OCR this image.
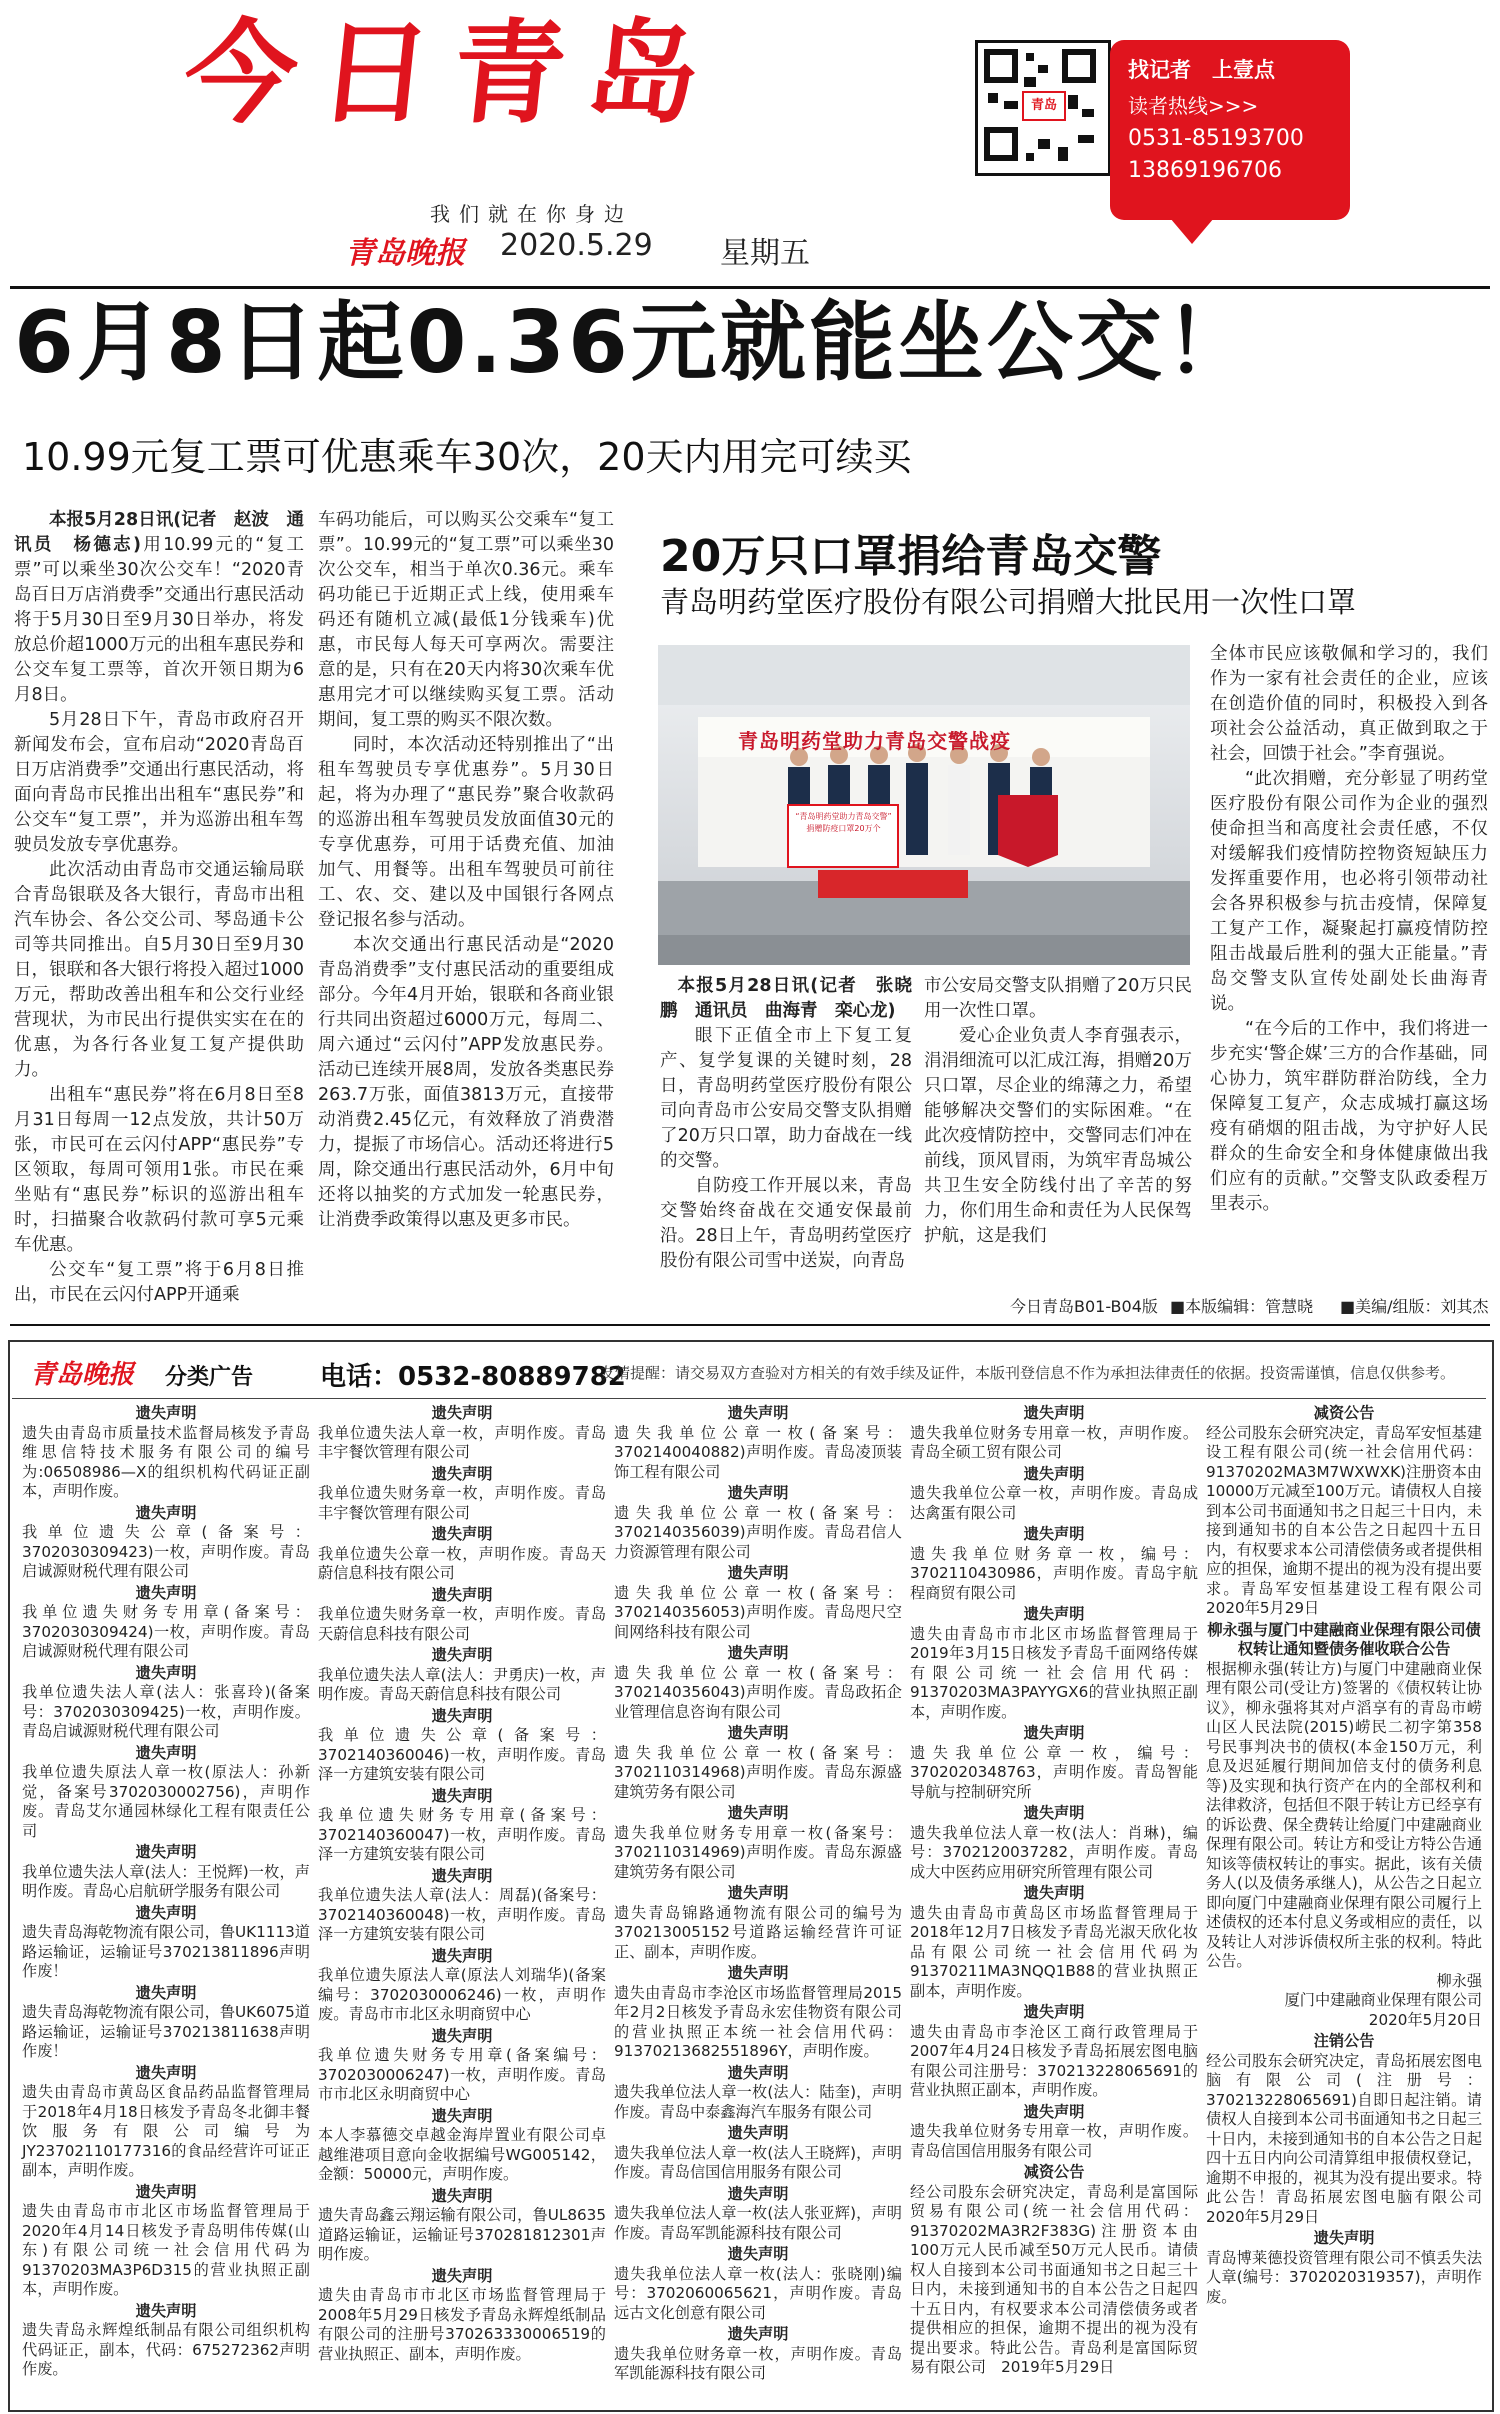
今日青岛
我们就在你身边
青岛晚报 2020.5.29 星期五
青岛
找记者　上壹点
读者热线>>>
0531-85193700
13869196706
6月8日起0.36元就能坐公交！
10.99元复工票可优惠乘车30次，20天内用完可续买

本报5月28日讯(记者　赵波　通讯员　杨德志)用10.99元的“复工票”可以乘坐30次公交车！“2020青岛百日万店消费季”交通出行惠民活动将于5月30日至9月30日举办，将发放总价超1000万元的出租车惠民券和公交车复工票等，首次开领日期为6月8日。

5月28日下午，青岛市政府召开新闻发布会，宣布启动“2020青岛百日万店消费季”交通出行惠民活动，将面向青岛市民推出出租车“惠民券”和公交车“复工票”，并为巡游出租车驾驶员发放专享优惠券。

此次活动由青岛市交通运输局联合青岛银联及各大银行，青岛市出租汽车协会、各公交公司、琴岛通卡公司等共同推出。自5月30日至9月30日，银联和各大银行将投入超过1000万元，帮助改善出租车和公交行业经营现状，为市民出行提供实实在在的优惠，为各行各业复工复产提供助力。

出租车“惠民券”将在6月8日至8月31日每周一12点发放，共计50万张，市民可在云闪付APP“惠民券”专区领取，每周可领用1张。市民在乘坐贴有“惠民券”标识的巡游出租车时，扫描聚合收款码付款可享5元乘车优惠。

公交车“复工票”将于6月8日推出，市民在云闪付APP开通乘

车码功能后，可以购买公交乘车“复工票”。10.99元的“复工票”可以乘坐30次公交车，相当于单次0.36元。乘车码功能已于近期正式上线，使用乘车码还有随机立减(最低1分钱乘车)优惠，市民每人每天可享两次。需要注意的是，只有在20天内将30次乘车优惠用完才可以继续购买复工票。活动期间，复工票的购买不限次数。

同时，本次活动还特别推出了“出租车驾驶员专享优惠券”。5月30日起，将为办理了“惠民券”聚合收款码的巡游出租车驾驶员发放面值30元的专享优惠券，可用于话费充值、加油加气、用餐等。出租车驾驶员可前往工、农、交、建以及中国银行各网点登记报名参与活动。

本次交通出行惠民活动是“2020青岛消费季”支付惠民活动的重要组成部分。今年4月开始，银联和各商业银行共同出资超过6000万元，每周二、周六通过“云闪付”APP发放惠民券。活动已连续开展8周，发放各类惠民券263.7万张，面值3813万元，直接带动消费2.45亿元，有效释放了消费潜力，提振了市场信心。活动还将进行5周，除交通出行惠民活动外，6月中旬还将以抽奖的方式加发一轮惠民券，让消费季政策得以惠及更多市民。

20万只口罩捐给青岛交警
青岛明药堂医疗股份有限公司捐赠大批民用一次性口罩
青岛明药堂助力青岛交警战疫
“青岛明药堂助力青岛交警”
捐赠防疫口罩20万个

本报5月28日讯(记者　张晓鹏　通讯员　曲海青　栾心龙)

眼下正值全市上下复工复产、复学复课的关键时刻，28日，青岛明药堂医疗股份有限公司向青岛市公安局交警支队捐赠了20万只口罩，助力奋战在一线的交警。

自防疫工作开展以来，青岛交警始终奋战在交通安保最前沿。28日上午，青岛明药堂医疗股份有限公司雪中送炭，向青岛

市公安局交警支队捐赠了20万只民用一次性口罩。

爱心企业负责人李育强表示，涓涓细流可以汇成江海，捐赠20万只口罩，尽企业的绵薄之力，希望能够解决交警们的实际困难。“在此次疫情防控中，交警同志们冲在前线，顶风冒雨，为筑牢青岛城公共卫生安全防线付出了辛苦的努力，你们用生命和责任为人民保驾护航，这是我们

全体市民应该敬佩和学习的，我们作为一家有社会责任的企业，应该在创造价值的同时，积极投入到各项社会公益活动，真正做到取之于社会，回馈于社会。”李育强说。

“此次捐赠，充分彰显了明药堂医疗股份有限公司作为企业的强烈使命担当和高度社会责任感，不仅对缓解我们疫情防控物资短缺压力发挥重要作用，也必将引领带动社会各界积极参与抗击疫情，保障复工复产工作，凝聚起打赢疫情防控阻击战最后胜利的强大正能量。”青岛交警支队宣传处副处长曲海青说。

“在今后的工作中，我们将进一步充实‘警企媒’三方的合作基础，同心协力，筑牢群防群治防线，全力保障复工复产，众志成城打赢这场疫有硝烟的阻击战，为守护好人民群众的生命安全和身体健康做出我们应有的贡献。”交警支队政委程万里表示。

今日青岛B01-B04版 ■本版编辑：管慧晓 ■美编/组版：刘其杰
青岛晚报 分类广告	电话：0532-80889782
友情提醒：请交易双方查验对方相关的有效手续及证件，本版刊登信息不作为承担法律责任的依据。投资需谨慎，信息仅供参考。
遗失声明
遗失由青岛市质量技术监督局核发予青岛维思信特技术服务有限公司的编号为:06508986—X的组织机构代码证正副本，声明作废。
遗失声明
我单位遗失公章(备案号：3702030309423)一枚，声明作废。青岛启诚源财税代理有限公司
遗失声明
我单位遗失财务专用章(备案号：3702030309424)一枚，声明作废。青岛启诚源财税代理有限公司
遗失声明
我单位遗失法人章(法人：张喜玲)(备案号：3702030309425)一枚，声明作废。青岛启诚源财税代理有限公司
遗失声明
我单位遗失原法人章一枚(原法人：孙新觉，备案号3702030002756)，声明作废。青岛艾尔通园林绿化工程有限责任公司
遗失声明
我单位遗失法人章(法人：王悦辉)一枚，声明作废。青岛心启航研学服务有限公司
遗失声明
遗失青岛海乾物流有限公司，鲁UK1113道路运输证，运输证号370213811896声明作废！
遗失声明
遗失青岛海乾物流有限公司，鲁UK6075道路运输证，运输证号370213811638声明作废！
遗失声明
遗失由青岛市黄岛区食品药品监督管理局于2018年4月18日核发予青岛冬北御丰餐饮服务有限公司编号为JY23702110177316的食品经营许可证正副本，声明作废。
遗失声明
遗失由青岛市市北区市场监督管理局于2020年4月14日核发予青岛明伟传媒(山东)有限公司统一社会信用代码为91370203MA3P6D315的营业执照正副本，声明作废。
遗失声明
遗失青岛永辉煌纸制品有限公司组织机构代码证正，副本，代码：675272362声明作废。
遗失声明
我单位遗失法人章一枚，声明作废。青岛丰宇餐饮管理有限公司
遗失声明
我单位遗失财务章一枚，声明作废。青岛丰宇餐饮管理有限公司
遗失声明
我单位遗失公章一枚，声明作废。青岛天蔚信息科技有限公司
遗失声明
我单位遗失财务章一枚，声明作废。青岛天蔚信息科技有限公司
遗失声明
我单位遗失法人章(法人：尹勇庆)一枚，声明作废。青岛天蔚信息科技有限公司
遗失声明
我单位遗失公章(备案号：3702140360046)一枚，声明作废。青岛泽一方建筑安装有限公司
遗失声明
我单位遗失财务专用章(备案号：3702140360047)一枚，声明作废。青岛泽一方建筑安装有限公司
遗失声明
我单位遗失法人章(法人：周磊)(备案号：3702140360048)一枚，声明作废。青岛泽一方建筑安装有限公司
遗失声明
我单位遗失原法人章(原法人刘瑞华)(备案编号：3702030006246)一枚，声明作废。青岛市市北区永明商贸中心
遗失声明
我单位遗失财务专用章(备案编号：3702030006247)一枚，声明作废。青岛市市北区永明商贸中心
遗失声明
本人李慕德交卓越金海岸置业有限公司卓越维港项目意向金收据编号WG005142，金额：50000元，声明作废。
遗失声明
遗失青岛鑫云翔运输有限公司，鲁UL8635道路运输证，运输证号370281812301声明作废。
遗失声明
遗失由青岛市市北区市场监督管理局于2008年5月29日核发予青岛永辉煌纸制品有限公司的注册号370263330006519的营业执照正、副本，声明作废。
遗失声明
遗失我单位公章一枚(备案号：3702140040882)声明作废。青岛凌顶装饰工程有限公司
遗失声明
遗失我单位公章一枚(备案号：3702140356039)声明作废。青岛君信人力资源管理有限公司
遗失声明
遗失我单位公章一枚(备案号：3702140356053)声明作废。青岛咫尺空间网络科技有限公司
遗失声明
遗失我单位公章一枚(备案号：3702140356043)声明作废。青岛政拓企业管理信息咨询有限公司
遗失声明
遗失我单位公章一枚(备案号：3702110314968)声明作废。青岛东源盛建筑劳务有限公司
遗失声明
遗失我单位财务专用章一枚(备案号：3702110314969)声明作废。青岛东源盛建筑劳务有限公司
遗失声明
遗失青岛锦路通物流有限公司的编号为370213005152号道路运输经营许可证正、副本，声明作废。
遗失声明
遗失由青岛市李沧区市场监督管理局2015年2月2日核发予青岛永宏佳物资有限公司的营业执照正本统一社会信用代码：91370213682551896Y，声明作废。
遗失声明
遗失我单位法人章一枚(法人：陆奎)，声明作废。青岛中泰鑫海汽车服务有限公司
遗失声明
遗失我单位法人章一枚(法人王晓辉)，声明作废。青岛信国信用服务有限公司
遗失声明
遗失我单位法人章一枚(法人张亚辉)，声明作废。青岛军凯能源科技有限公司
遗失声明
遗失我单位法人章一枚(法人：张晓刚)编号：3702060065621，声明作废。青岛远古文化创意有限公司
遗失声明
遗失我单位财务章一枚，声明作废。青岛军凯能源科技有限公司
遗失声明
遗失我单位财务专用章一枚，声明作废。青岛全硕工贸有限公司
遗失声明
遗失我单位公章一枚，声明作废。青岛成达禽蛋有限公司
遗失声明
遗失我单位财务章一枚，编号：3702110430986，声明作废。青岛宇航程商贸有限公司
遗失声明
遗失由青岛市市北区市场监督管理局于2019年3月15日核发予青岛千面网络传媒有限公司统一社会信用代码：91370203MA3PAYYGX6的营业执照正副本，声明作废。
遗失声明
遗失我单位公章一枚，编号：3702020348763，声明作废。青岛智能导航与控制研究所
遗失声明
遗失我单位法人章一枚(法人：肖琳)，编号：3702120037282，声明作废。青岛成大中医药应用研究所管理有限公司
遗失声明
遗失由青岛市黄岛区市场监督管理局于2018年12月7日核发予青岛光淑天欣化妆品有限公司统一社会信用代码为91370211MA3NQQ1B88的营业执照正副本，声明作废。
遗失声明
遗失由青岛市李沧区工商行政管理局于2007年4月24日核发予青岛拓展宏图电脑有限公司注册号：370213228065691的营业执照正副本，声明作废。
遗失声明
遗失我单位财务专用章一枚，声明作废。青岛信国信用服务有限公司
减资公告
经公司股东会研究决定，青岛利是富国际贸易有限公司(统一社会信用代码：91370202MA3R2F383G)注册资本由100万元人民币减至50万元人民币。请债权人自接到本公司书面通知书之日起三十日内，未接到通知书的自本公告之日起四十五日内，有权要求本公司清偿债务或者提供相应的担保，逾期不提出的视为没有提出要求。特此公告。青岛利是富国际贸易有限公司　2019年5月29日
减资公告
经公司股东会研究决定，青岛军安恒基建设工程有限公司(统一社会信用代码：91370202MA3M7WXWXK)注册资本由10000万元减至100万元。请债权人自接到本公司书面通知书之日起三十日内，未接到通知书的自本公告之日起四十五日内，有权要求本公司清偿债务或者提供相应的担保，逾期不提出的视为没有提出要求。青岛军安恒基建设工程有限公司　2020年5月29日
柳永强与厦门中建融商业保理有限公司债权转让通知暨债务催收联合公告
根据柳永强(转让方)与厦门中建融商业保理有限公司(受让方)签署的《债权转让协议》，柳永强将其对卢滔享有的青岛市崂山区人民法院(2015)崂民二初字第358号民事判决书的债权(本金150万元，利息及迟延履行期间加倍支付的债务利息等)及实现和执行资产在内的全部权利和法律救济，包括但不限于转让方已经享有的诉讼费、保全费转让给厦门中建融商业保理有限公司。转让方和受让方特公告通知该等债权转让的事实。据此，该有关债务人(以及债务承继人)，从公告之日起立即向厦门中建融商业保理有限公司履行上述债权的还本付息义务或相应的责任，以及转让人对涉诉债权所主张的权利。特此公告。
柳永强
厦门中建融商业保理有限公司
2020年5月20日
注销公告
经公司股东会研究决定，青岛拓展宏图电脑有限公司(注册号：370213228065691)自即日起注销。请债权人自接到本公司书面通知书之日起三十日内，未接到通知书的自本公告之日起四十五日内向公司清算组申报债权登记，逾期不申报的，视其为没有提出要求。特此公告！青岛拓展宏图电脑有限公司　2020年5月29日
遗失声明
青岛博莱德投资管理有限公司不慎丢失法人章(编号：3702020319357)，声明作废。
